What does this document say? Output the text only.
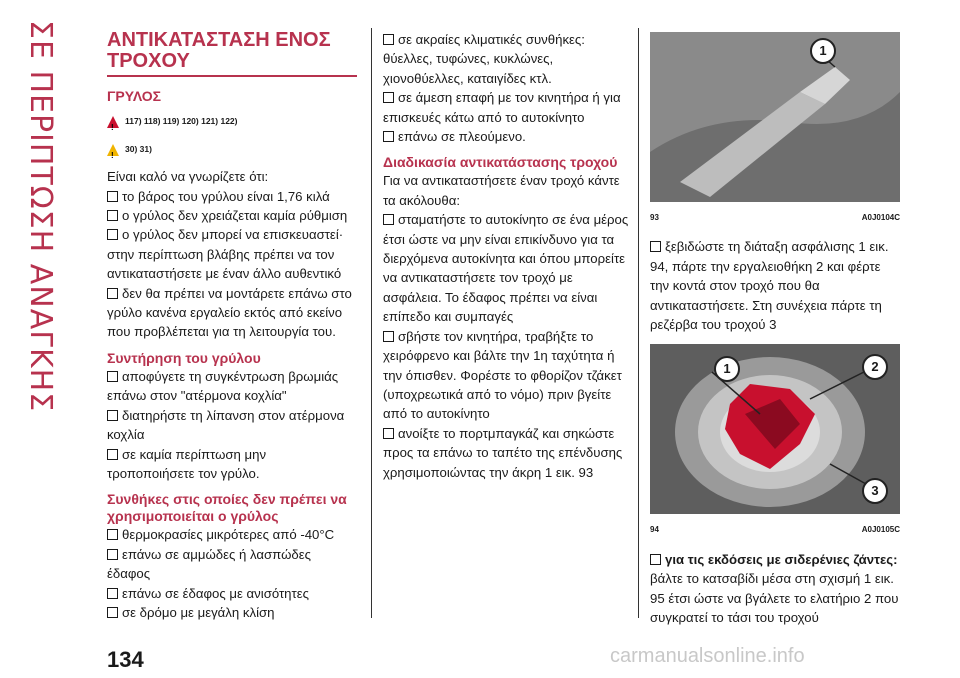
ΣΕ ΠΕΡΙΠΤΩΣΗ ΑΝΑΓΚΗΣ ΑΝΤΙΚΑΤΑΣΤΑΣΗ ΕΝΟΣ ΤΡΟΧΟΥ
ΓΡΥΛΟΣ
!
117) 118) 119) 120) 121) 122)
!
30) 31)

Είναι καλό να γνωρίζετε ότι:

το βάρος του γρύλου είναι 1,76 κιλά

ο γρύλος δεν χρειάζεται καμία ρύθμιση

ο γρύλος δεν μπορεί να επισκευαστεί· στην περίπτωση βλάβης πρέπει να τον αντικαταστήσετε με έναν άλλο αυθεντικό

δεν θα πρέπει να μοντάρετε επάνω στο γρύλο κανένα εργαλείο εκτός από εκείνο που προβλέπεται για τη λειτουργία του.

Συντήρηση του γρύλου

αποφύγετε τη συγκέντρωση βρωμιάς επάνω στον "ατέρμονα κοχλία"

διατηρήστε τη λίπανση στον ατέρμονα κοχλία

σε καμία περίπτωση μην τροποποιήσετε τον γρύλο.

Συνθήκες στις οποίες δεν πρέπει να χρησιμοποιείται ο γρύλος

θερμοκρασίες μικρότερες από -40°C

επάνω σε αμμώδες ή λασπώδες έδαφος

επάνω σε έδαφος με ανισότητες

σε δρόμο με μεγάλη κλίση

σε ακραίες κλιματικές συνθήκες: θύελλες, τυφώνες, κυκλώνες, χιονοθύελλες, καταιγίδες κτλ.

σε άμεση επαφή με τον κινητήρα ή για επισκευές κάτω από το αυτοκίνητο

επάνω σε πλεούμενο.

Διαδικασία αντικατάστασης τροχού

Για να αντικαταστήσετε έναν τροχό κάντε τα ακόλουθα:

σταματήστε το αυτοκίνητο σε ένα μέρος έτσι ώστε να μην είναι επικίνδυνο για τα διερχόμενα αυτοκίνητα και όπου μπορείτε να αντικαταστήσετε τον τροχό με ασφάλεια. Το έδαφος πρέπει να είναι επίπεδο και συμπαγές

σβήστε τον κινητήρα, τραβήξτε το χειρόφρενο και βάλτε την 1η ταχύτητα ή την όπισθεν. Φορέστε το φθορίζον τζάκετ (υποχρεωτικά από το νόμο) πριν βγείτε από το αυτοκίνητο

ανοίξτε το πορτμπαγκάζ και σηκώστε προς τα επάνω το ταπέτο της επένδυσης χρησιμοποιώντας την άκρη 1 εικ. 93

1
93	A0J0104C

ξεβιδώστε τη διάταξη ασφάλισης 1 εικ. 94, πάρτε την εργαλειοθήκη 2 και φέρτε την κοντά στον τροχό που θα αντικαταστήσετε. Στη συνέχεια πάρτε τη ρεζέρβα του τροχού 3

1	2
3
94	A0J0105C

για τις εκδόσεις με σιδερένιες ζάντες: βάλτε το κατσαβίδι μέσα στη σχισμή 1 εικ. 95 έτσι ώστε να βγάλετε το ελατήριο 2 που συγκρατεί το τάσι του τροχού

134	carmanualsonline.info
